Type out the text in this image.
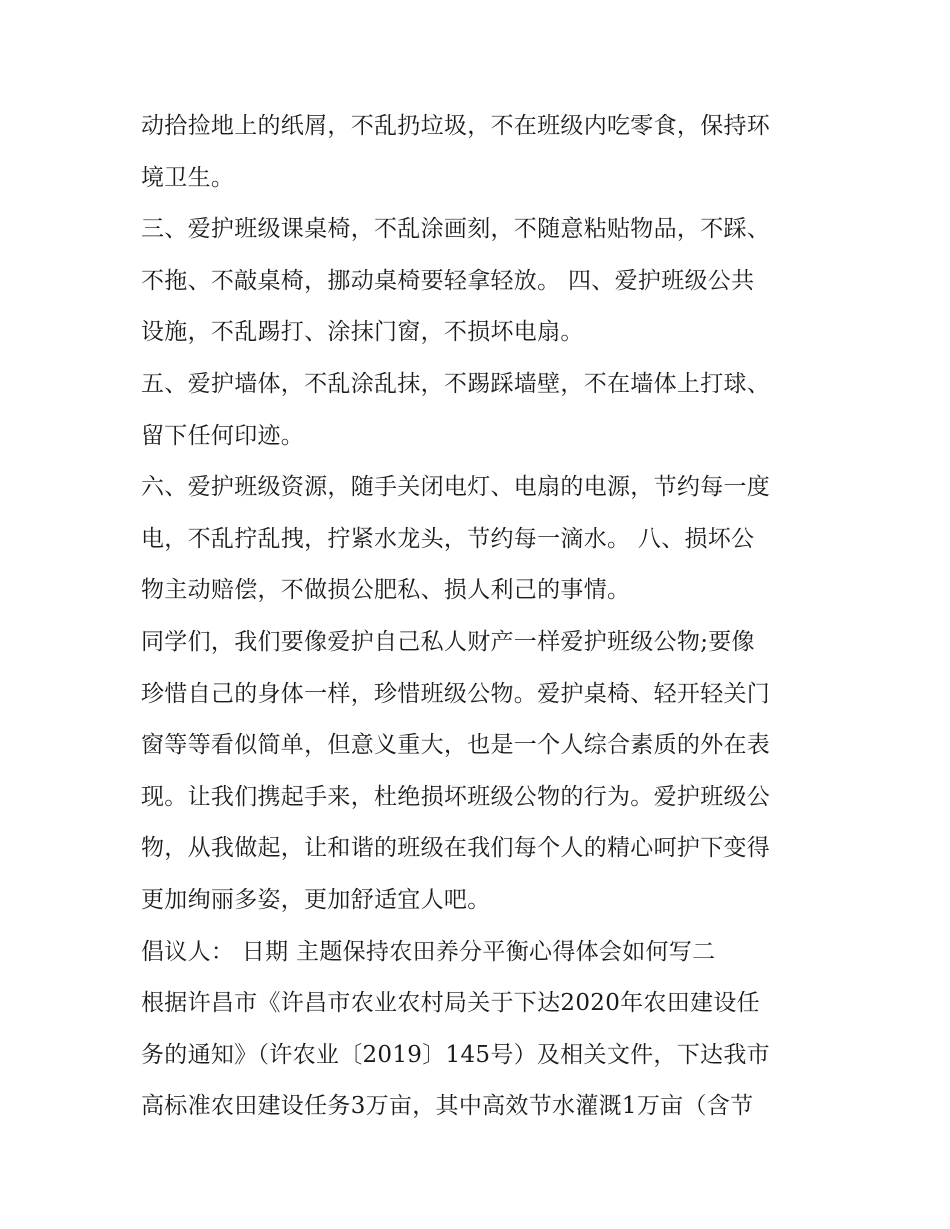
动拾捡地上的纸屑，不乱扔垃圾，不在班级内吃零食，保持环
境卫生。
三、爱护班级课桌椅，不乱涂画刻，不随意粘贴物品，不踩、
不拖、不敲桌椅，挪动桌椅要轻拿轻放。 四、爱护班级公共
设施，不乱踢打、涂抹门窗，不损坏电扇。
五、爱护墙体，不乱涂乱抹，不踢踩墙壁，不在墙体上打球、
留下任何印迹。
六、爱护班级资源，随手关闭电灯、电扇的电源，节约每一度
电，不乱拧乱拽，拧紧水龙头，节约每一滴水。 八、损坏公
物主动赔偿，不做损公肥私、损人利己的事情。
同学们，我们要像爱护自己私人财产一样爱护班级公物;要像
珍惜自己的身体一样，珍惜班级公物。爱护桌椅、轻开轻关门
窗等等看似简单，但意义重大，也是一个人综合素质的外在表
现。让我们携起手来，杜绝损坏班级公物的行为。爱护班级公
物，从我做起，让和谐的班级在我们每个人的精心呵护下变得
更加绚丽多姿，更加舒适宜人吧。
倡议人： 日期 主题保持农田养分平衡心得体会如何写二
根据许昌市《许昌市农业农村局关于下达2020年农田建设任
务的通知》（许农业〔2019〕145号）及相关文件，下达我市
高标准农田建设任务3万亩，其中高效节水灌溉1万亩（含节
